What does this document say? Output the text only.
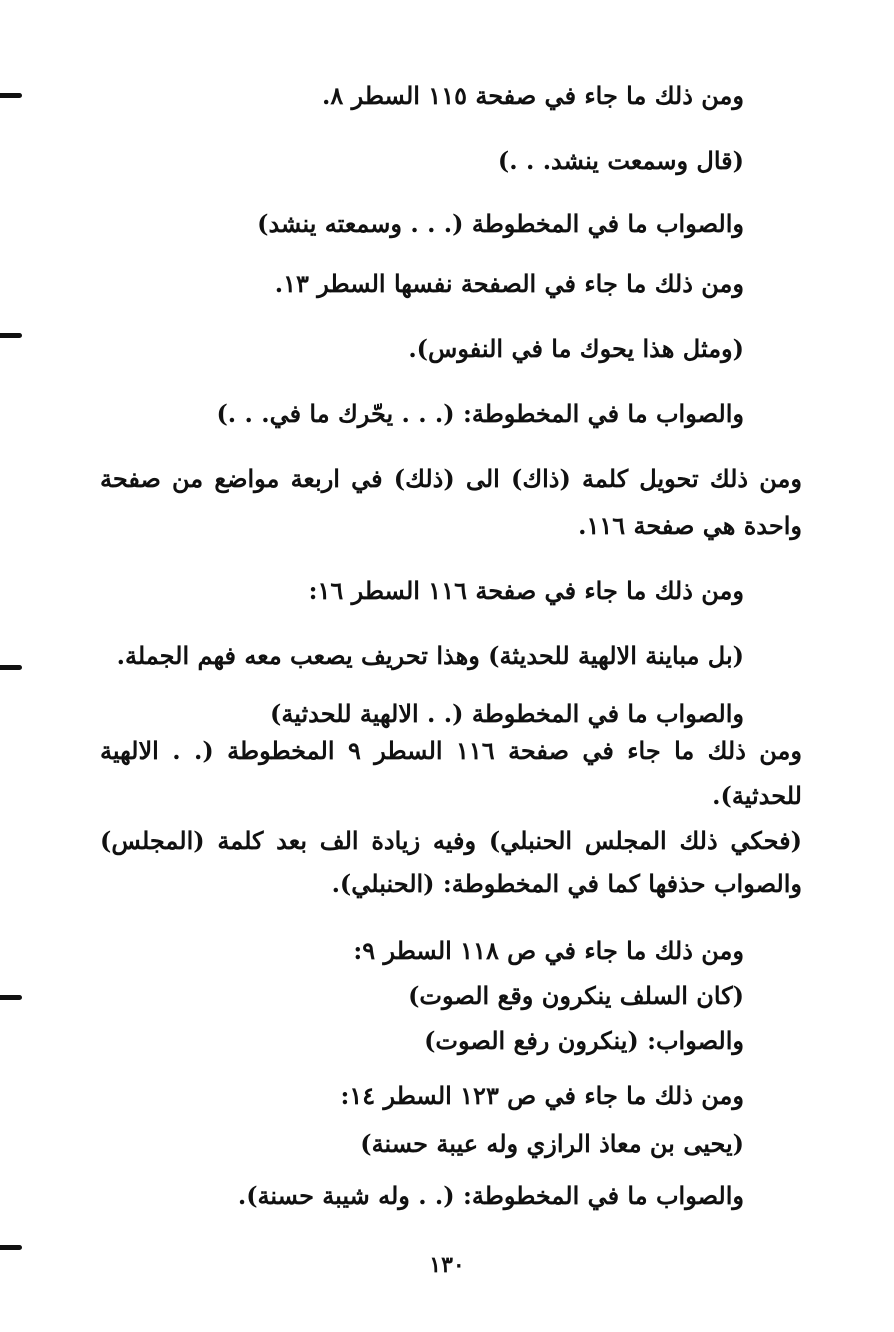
ومن ذلك ما جاء في صفحة ١١٥ السطر ٨.
(قال وسمعت ينشد. . .)
والصواب ما في المخطوطة (. . . وسمعته ينشد)
ومن ذلك ما جاء في الصفحة نفسها السطر ١٣.
(ومثل هذا يحوك ما في النفوس).
والصواب ما في المخطوطة: (. . . يحّرك ما في. . .)
ومن ذلك تحويل كلمة (ذاك) الى (ذلك) في اربعة مواضع من صفحة
واحدة هي صفحة ١١٦.
ومن ذلك ما جاء في صفحة ١١٦ السطر ١٦:
(بل مباينة الالهية للحديثة) وهذا تحريف يصعب معه فهم الجملة.
والصواب ما في المخطوطة (. . الالهية للحدثية)
ومن ذلك ما جاء في صفحة ١١٦ السطر ٩ المخطوطة (. . الالهية
للحدثية).
(فحكي ذلك المجلس الحنبلي) وفيه زيادة الف بعد كلمة (المجلس)
والصواب حذفها كما في المخطوطة: (الحنبلي).
ومن ذلك ما جاء في ص ١١٨ السطر ٩:
(كان السلف ينكرون وقع الصوت)
والصواب: (ينكرون رفع الصوت)
ومن ذلك ما جاء في ص ١٢٣ السطر ١٤:
(يحيى بن معاذ الرازي وله عيبة حسنة)
والصواب ما في المخطوطة: (. . وله شيبة حسنة).
١٣٠
